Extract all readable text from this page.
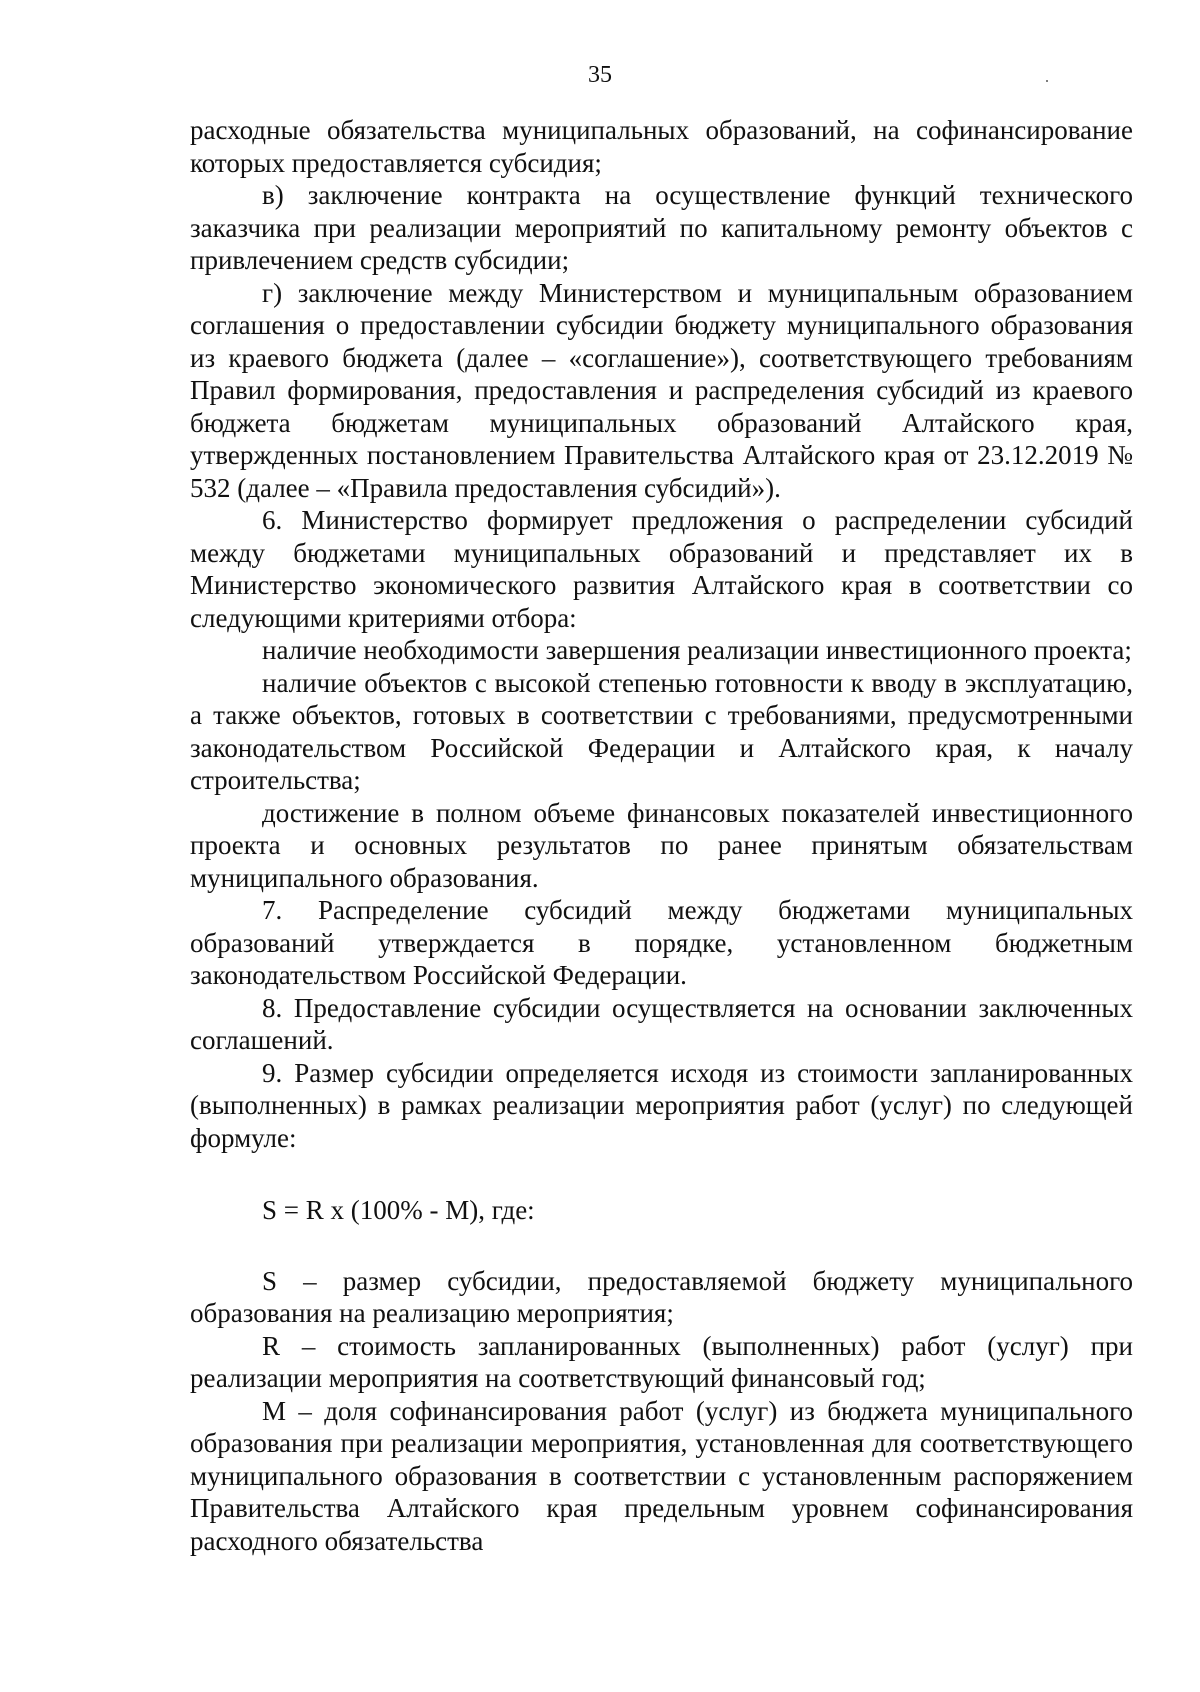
35

расходные обязательства муниципальных образований, на софинансирование которых предоставляется субсидия;

в) заключение контракта на осуществление функций технического заказчика при реализации мероприятий по капитальному ремонту объектов с привлечением средств субсидии;

г) заключение между Министерством и муниципальным образованием соглашения о предоставлении субсидии бюджету муниципального образования из краевого бюджета (далее – «соглашение»), соответствующего требованиям Правил формирования, предоставления и распределения субсидий из краевого бюджета бюджетам муниципальных образований Алтайского края, утвержденных постановлением Правительства Алтайского края от 23.12.2019 № 532 (далее – «Правила предоставления субсидий»).

6. Министерство формирует предложения о распределении субсидий между бюджетами муниципальных образований и представляет их в Министерство экономического развития Алтайского края в соответствии со следующими критериями отбора:

наличие необходимости завершения реализации инвестиционного проекта;

наличие объектов с высокой степенью готовности к вводу в эксплуатацию, а также объектов, готовых в соответствии с требованиями, предусмотренными законодательством Российской Федерации и Алтайского края, к началу строительства;

достижение в полном объеме финансовых показателей инвестиционного проекта и основных результатов по ранее принятым обязательствам муниципального образования.

7. Распределение субсидий между бюджетами муниципальных образований утверждается в порядке, установленном бюджетным законодательством Российской Федерации.

8. Предоставление субсидии осуществляется на основании заключенных соглашений.

9. Размер субсидии определяется исходя из стоимости запланированных (выполненных) в рамках реализации мероприятия работ (услуг) по следующей формуле:

S = R x (100% - M), где:

S – размер субсидии, предоставляемой бюджету муниципального образования на реализацию мероприятия;

R – стоимость запланированных (выполненных) работ (услуг) при реализации мероприятия на соответствующий финансовый год;

M – доля софинансирования работ (услуг) из бюджета муниципального образования при реализации мероприятия, установленная для соответствующего муниципального образования в соответствии с установленным распоряжением Правительства Алтайского края предельным уровнем софинансирования расходного обязательства
